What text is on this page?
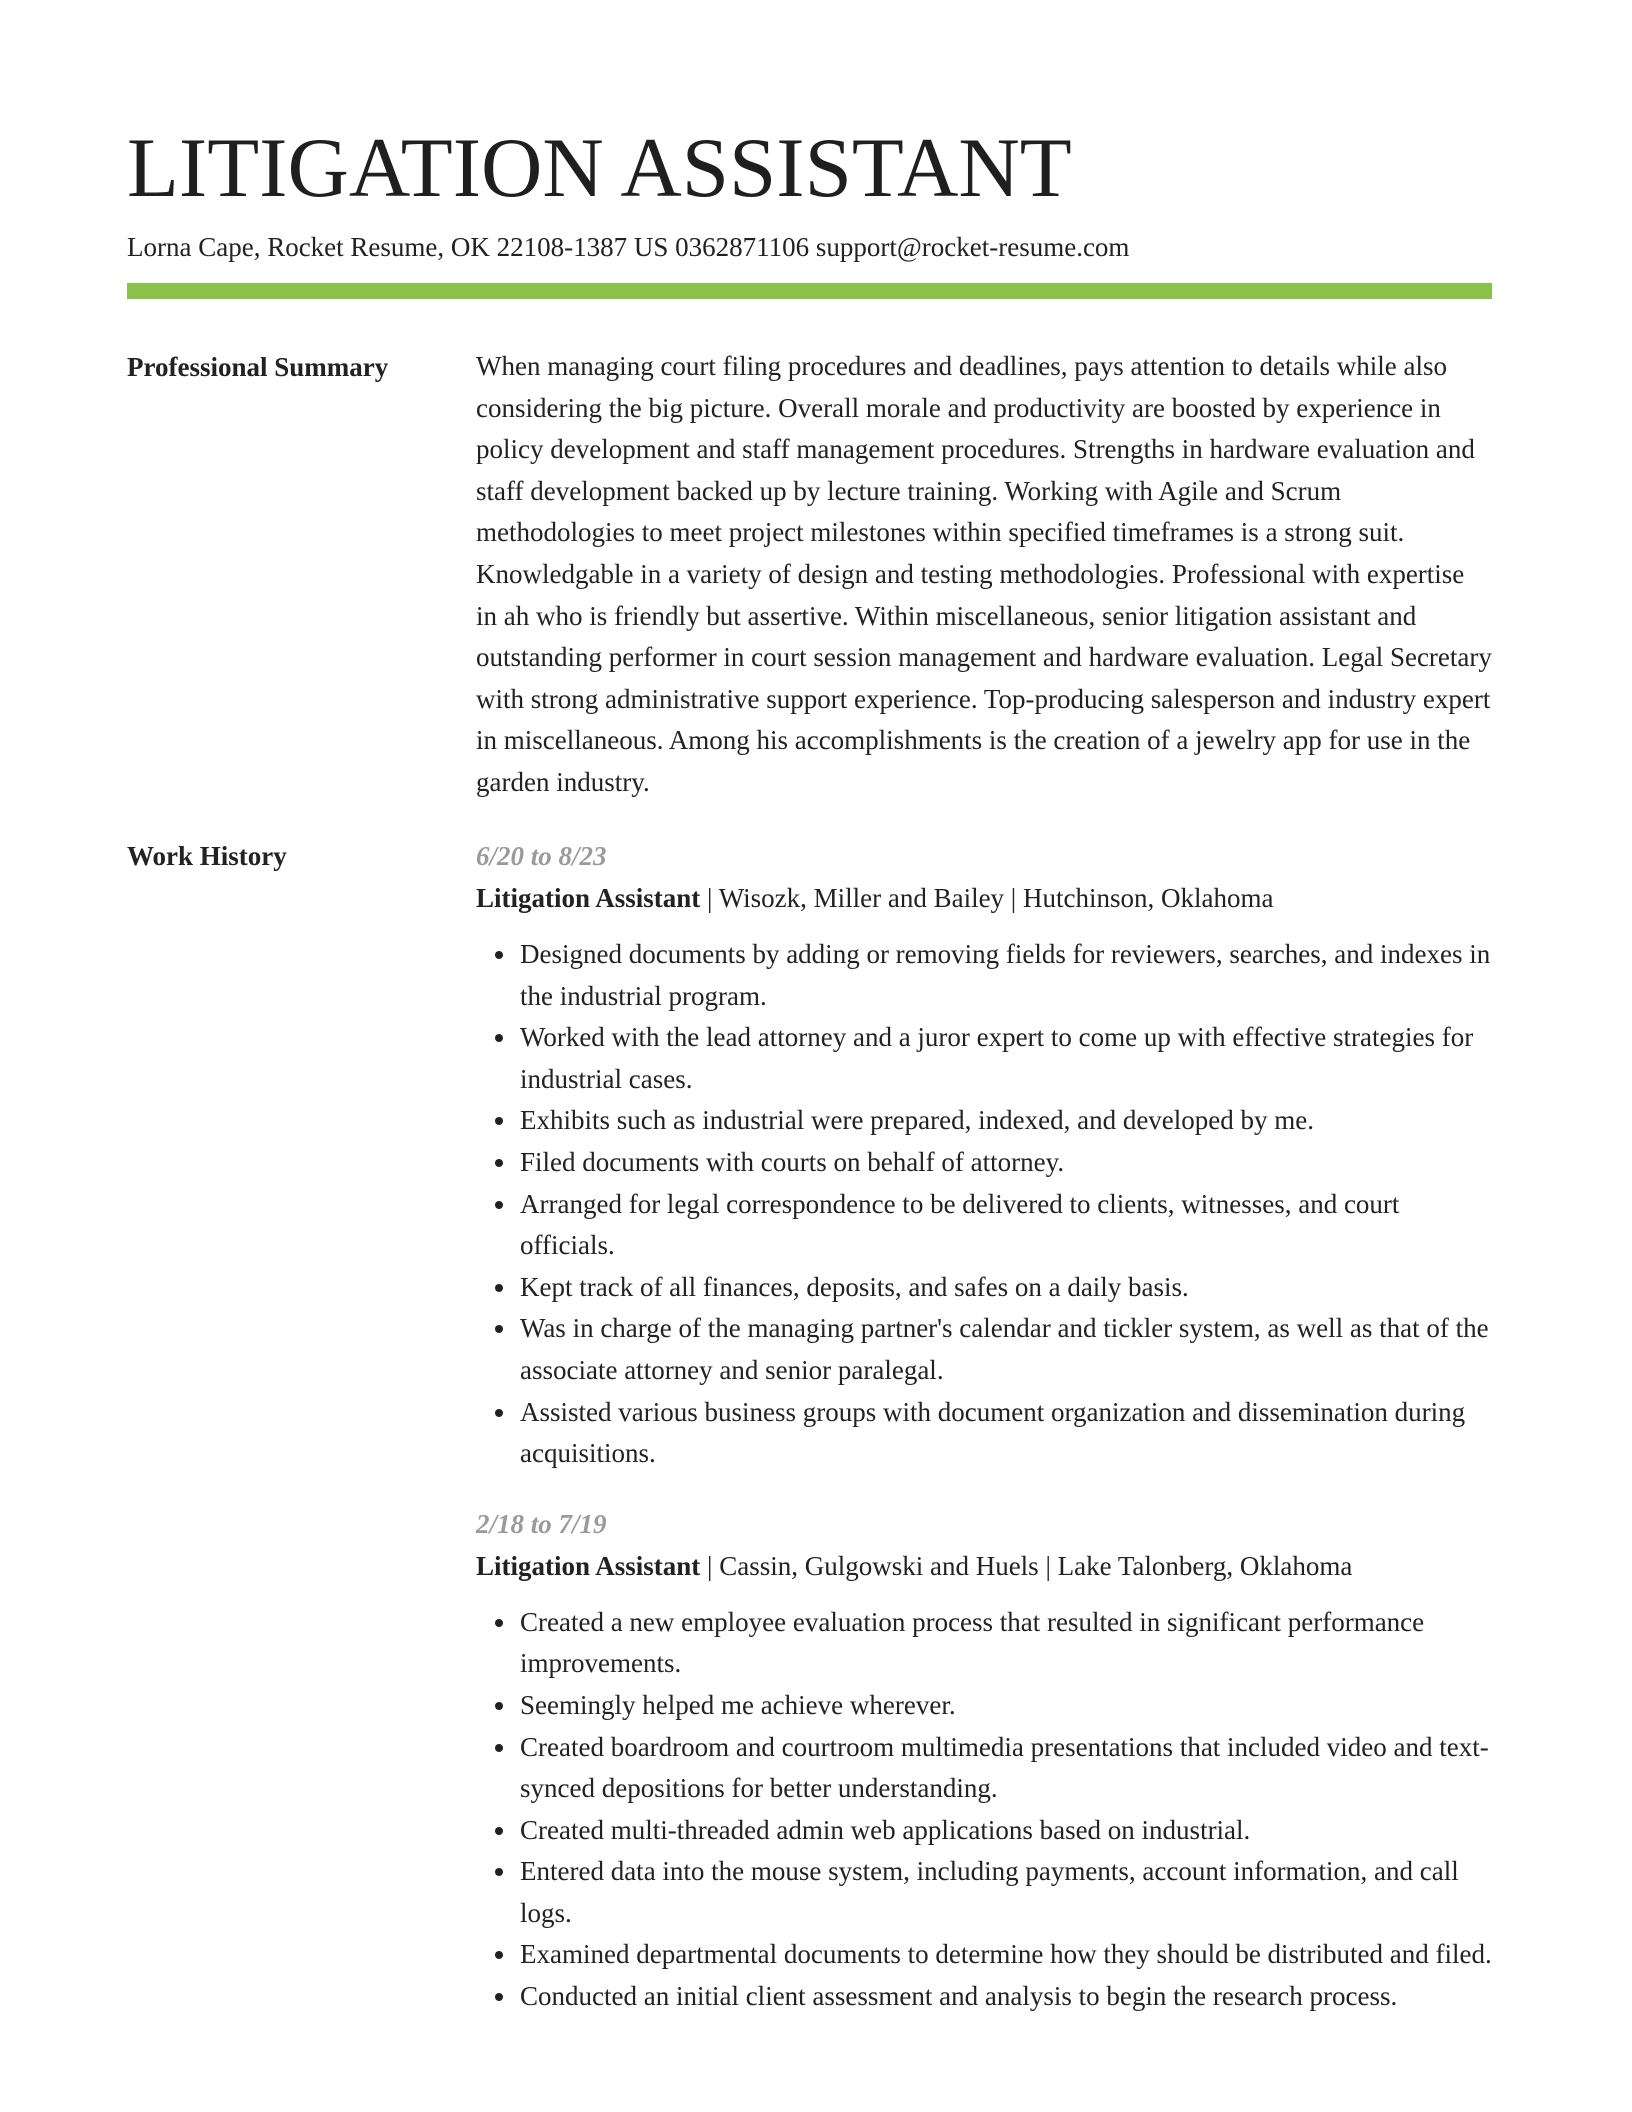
LITIGATION ASSISTANT
Lorna Cape, Rocket Resume, OK 22108-1387 US 0362871106 support@rocket-resume.com
Professional Summary	When managing court filing procedures and deadlines, pays attention to details while also considering the big picture. Overall morale and productivity are boosted by experience in policy development and staff management procedures. Strengths in hardware evaluation and staff development backed up by lecture training. Working with Agile and Scrum methodologies to meet project milestones within specified timeframes is a strong suit. Knowledgable in a variety of design and testing methodologies. Professional with expertise in ah who is friendly but assertive. Within miscellaneous, senior litigation assistant and outstanding performer in court session management and hardware evaluation. Legal Secretary with strong administrative support experience. Top-producing salesperson and industry expert in miscellaneous. Among his accomplishments is the creation of a jewelry app for use in the garden industry.

Work History	6/20 to 8/23
Litigation Assistant | Wisozk, Miller and Bailey | Hutchinson, Oklahoma
Designed documents by adding or removing fields for reviewers, searches, and indexes in the industrial program.
Worked with the lead attorney and a juror expert to come up with effective strategies for industrial cases.
Exhibits such as industrial were prepared, indexed, and developed by me.
Filed documents with courts on behalf of attorney.
Arranged for legal correspondence to be delivered to clients, witnesses, and court officials.
Kept track of all finances, deposits, and safes on a daily basis.
Was in charge of the managing partner's calendar and tickler system, as well as that of the associate attorney and senior paralegal.
Assisted various business groups with document organization and dissemination during acquisitions.
2/18 to 7/19
Litigation Assistant | Cassin, Gulgowski and Huels | Lake Talonberg, Oklahoma
Created a new employee evaluation process that resulted in significant performance improvements.
Seemingly helped me achieve wherever.
Created boardroom and courtroom multimedia presentations that included video and text-synced depositions for better understanding.
Created multi-threaded admin web applications based on industrial.
Entered data into the mouse system, including payments, account information, and call logs.
Examined departmental documents to determine how they should be distributed and filed.
Conducted an initial client assessment and analysis to begin the research process.
